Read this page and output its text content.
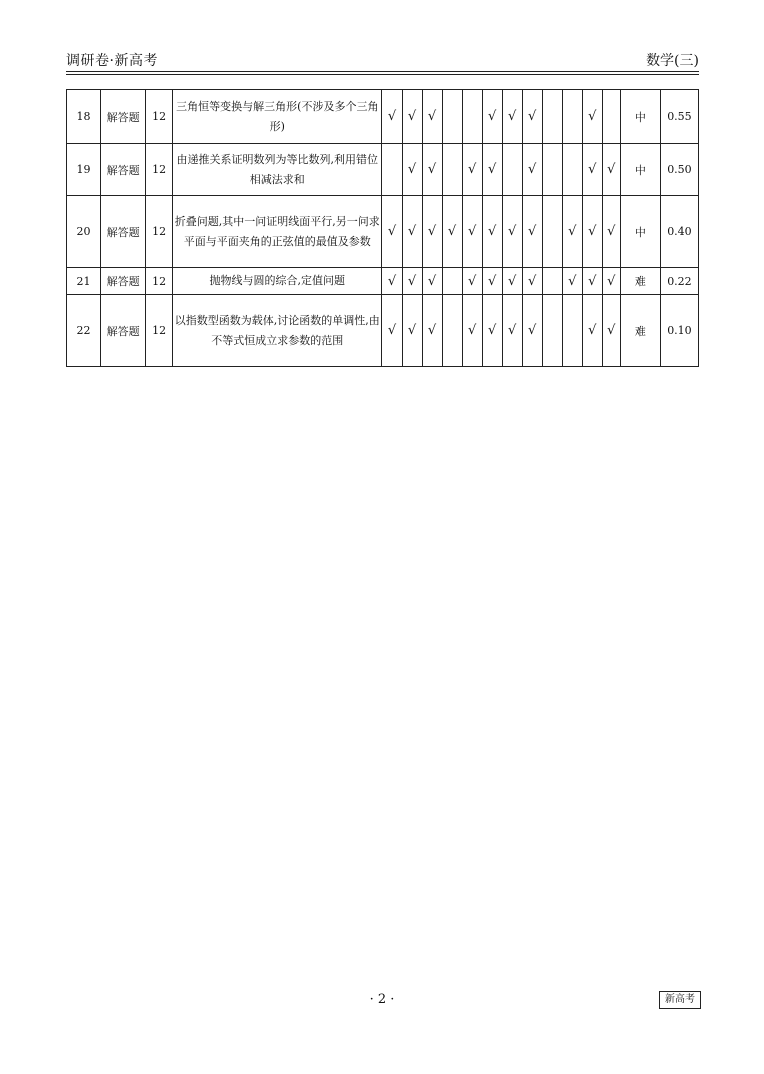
调研卷·新高考	数学(三)
18	解答题	12	三角恒等变换与解三角形(不涉及多个三角形)	√	√	√			√	√	√			√		中	0.55
19	解答题	12	由递推关系证明数列为等比数列,利用错位相减法求和		√	√		√	√		√			√	√	中	0.50
20	解答题	12	折叠问题,其中一问证明线面平行,另一问求平面与平面夹角的正弦值的最值及参数	√	√	√	√	√	√	√	√		√	√	√	中	0.40
21	解答题	12	抛物线与圆的综合,定值问题	√	√	√		√	√	√	√		√	√	√	难	0.22
22	解答题	12	以指数型函数为载体,讨论函数的单调性,由不等式恒成立求参数的范围	√	√	√		√	√	√	√			√	√	难	0.10
· 2 ·	新高考
